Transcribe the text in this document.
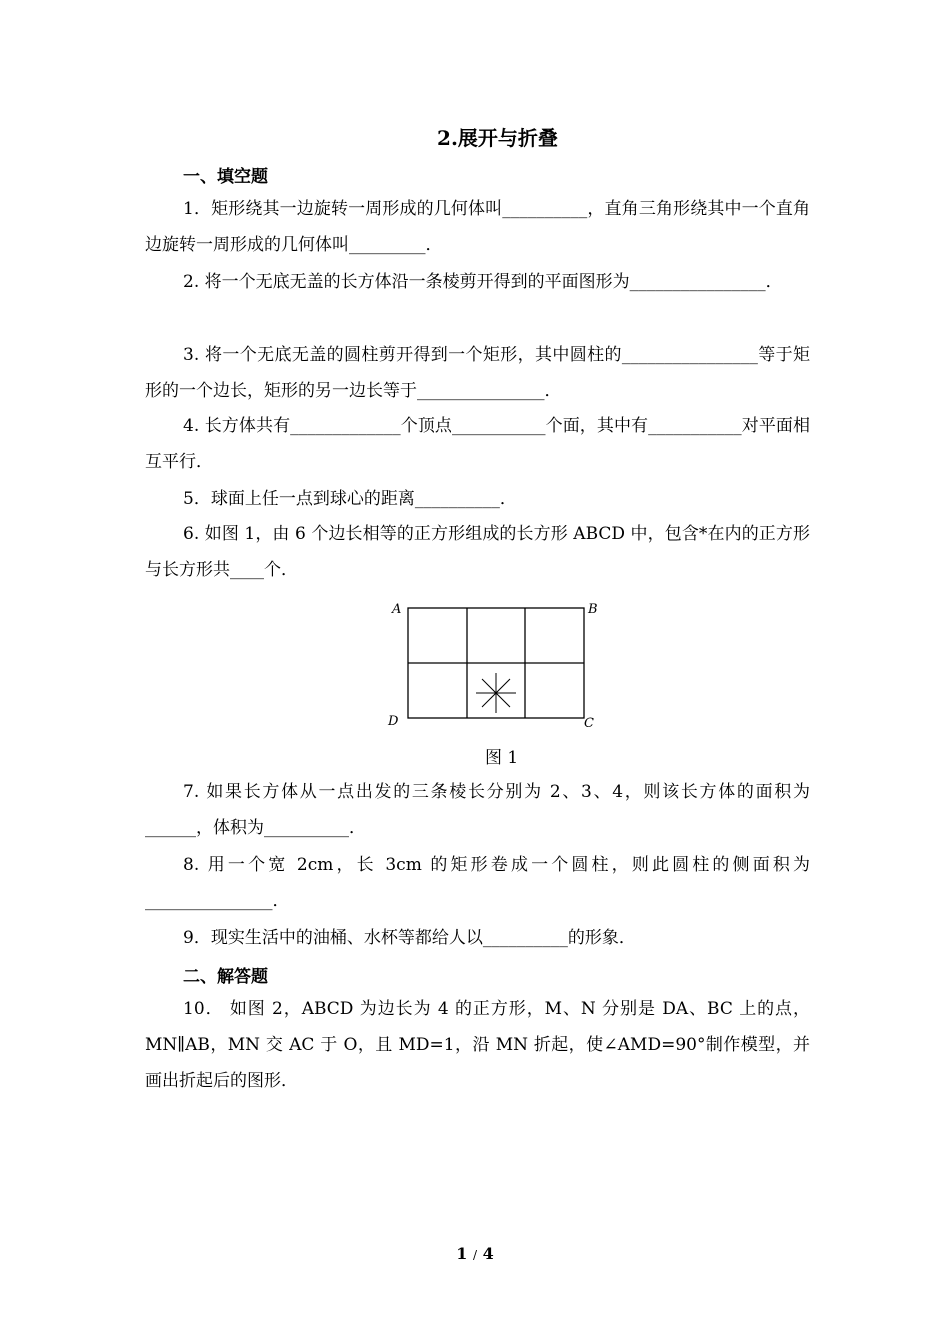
2.展开与折叠
一、填空题
1．矩形绕其一边旋转一周形成的几何体叫__________，直角三角形绕其中一个直角边旋转一周形成的几何体叫_________．
2. 将一个无底无盖的长方体沿一条棱剪开得到的平面图形为________________．
3. 将一个无底无盖的圆柱剪开得到一个矩形，其中圆柱的________________等于矩形的一个边长，矩形的另一边长等于_______________．
4. 长方体共有_____________个顶点___________个面，其中有___________对平面相互平行．
5．球面上任一点到球心的距离__________．
6. 如图 1，由 6 个边长相等的正方形组成的长方形 ABCD 中，包含*在内的正方形与长方形共____个．
A	B
D	C
图 1
7. 如果长方体从一点出发的三条棱长分别为 2、3、4，则该长方体的面积为______，体积为__________．
8. 用一个宽 2cm，长 3cm 的矩形卷成一个圆柱，则此圆柱的侧面积为_______________．
9．现实生活中的油桶、水杯等都给人以__________的形象．
二、解答题
10． 如图 2，ABCD 为边长为 4 的正方形，M、N 分别是 DA、BC 上的点，MN∥AB，MN 交 AC 于 O，且 MD=1，沿 MN 折起，使∠AMD=90°制作模型，并画出折起后的图形．
1 / 4
